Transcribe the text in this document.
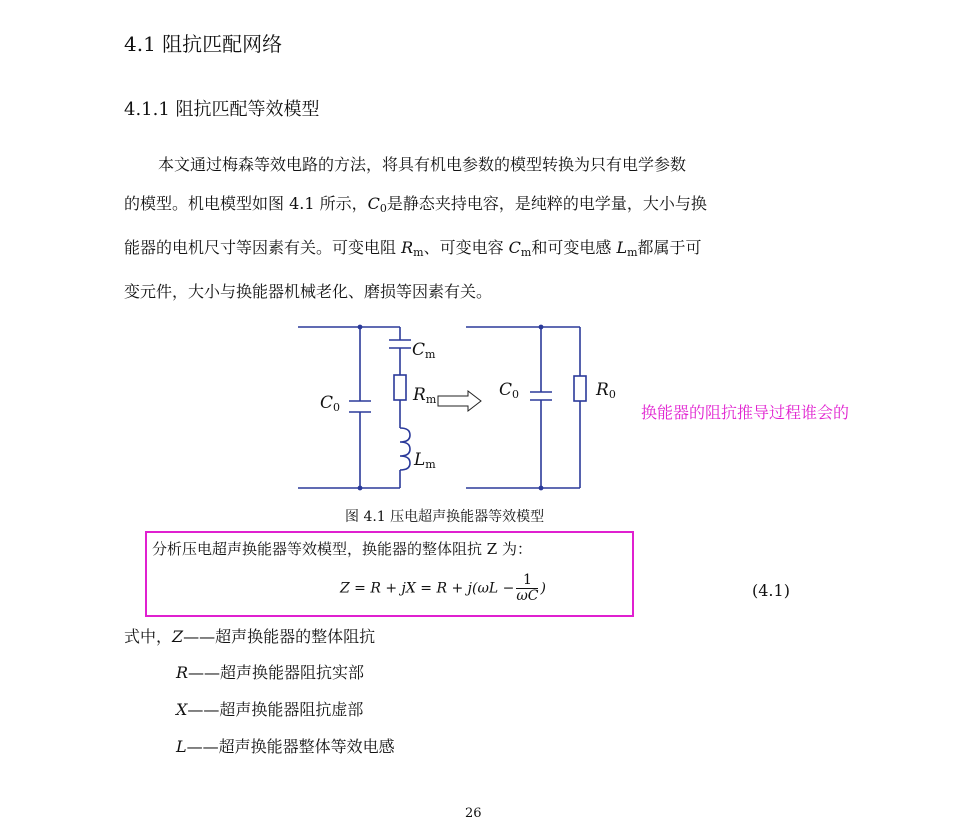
4.1 阻抗匹配网络
4.1.1 阻抗匹配等效模型
本文通过梅森等效电路的方法，将具有机电参数的模型转换为只有电学参数
的模型。机电模型如图 4.1 所示，$C_0$是静态夹持电容，是纯粹的电学量，大小与换
能器的电机尺寸等因素有关。可变电阻 $R_m$、可变电容 $C_m$和可变电感 $L_m$都属于可
变元件，大小与换能器机械老化、磨损等因素有关。
C0
Cm
Rm
Lm
C0	R0
图 4.1 压电超声换能器等效模型
换能器的阻抗推导过程谁会的
分析压电超声换能器等效模型，换能器的整体阻抗 Z 为：
Z = R + jX = $R + j(\omega L - \frac{1}{\omega C}$ )	(4.1)
式中，Z——超声换能器的整体阻抗
R——超声换能器阻抗实部
X——超声换能器阻抗虚部
L——超声换能器整体等效电感
26
